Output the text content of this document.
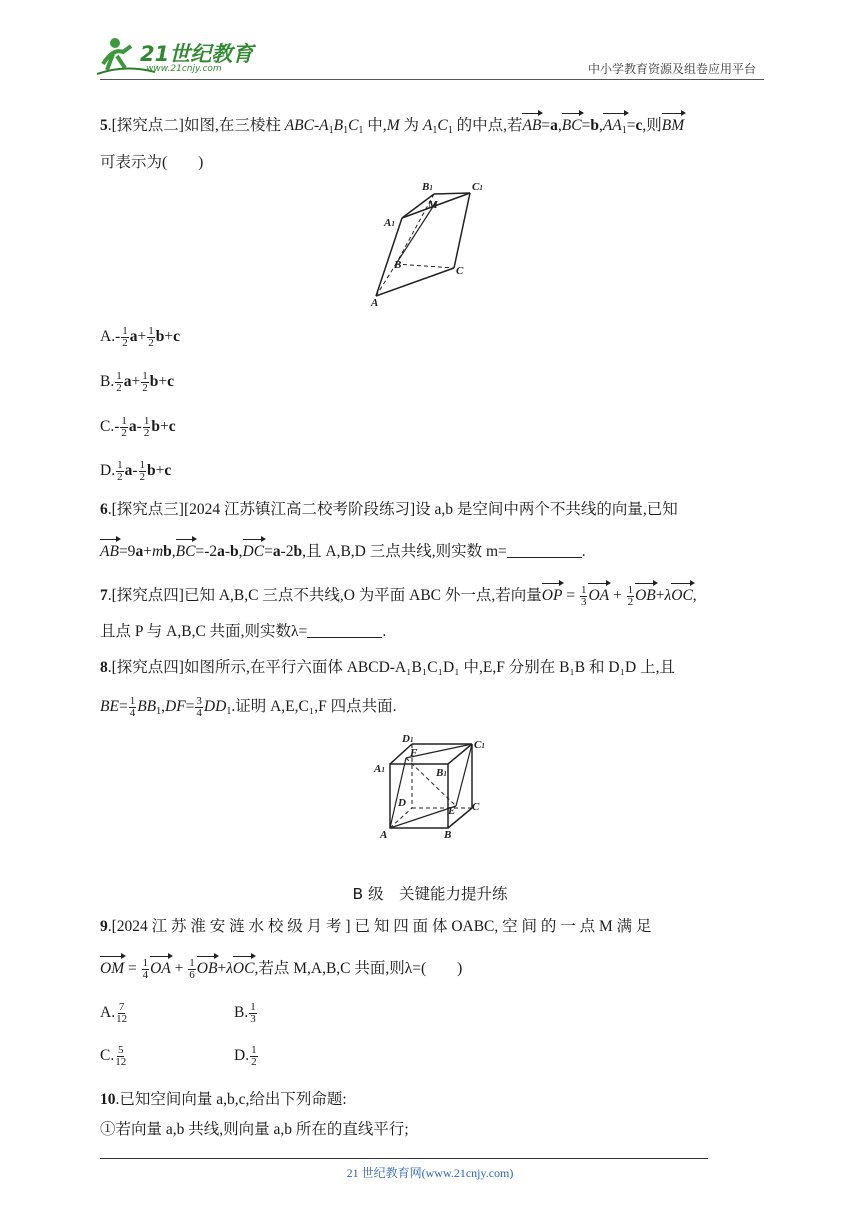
21世纪教育
www.21cnjy.com	中小学教育资源及组卷应用平台
5.[探究点二]如图,在三棱柱 ABC-$A_1B_1C_1$ 中,M 为 $A_1C_1$ 的中点,若$AB=a,BC=b,AA_1=c$,则BM
可表示为(　　)
B1	C1
A1
M
B	C
A
$A.- \frac{1}{2} a+ \frac{1}{2} b+c$
B. $\frac{1}{2} a+ \frac{1}{2} b+c$
$C.- \frac{1}{2} a- \frac{1}{2} b+c$
D. $\frac{1}{2} a- \frac{1}{2} b+c$
6.[探究点三][2024 江苏镇江高二校考阶段练习]设 a,b 是空间中两个不共线的向量,已知
AB=9a+mb,BC=-2a-b,DC=a-2b,且 A,B,D 三点共线,则实数 m=	.
7.[探究点四]已知 A,B,C 三点不共线,O 为平面 ABC 外一点,若向量OP = $\frac{1}{3}$ OA + $\frac{1}{2} OB+\lambda OC$,
且点 P 与 A,B,C 共面,则实数λ=	.
8.[探究点四]如图所示,在平行六面体 ABCD-A₁B₁C₁D₁ 中,E,F 分别在 B₁B 和 D₁D 上,且
$BE= \frac{1}{4} BB_1,DF= \frac{3}{4} DD_1$.证明 A,E,C₁,F 四点共面.
D1
F
C1
A1	B1
D
E C
A	B
B 级　关键能力提升练
9.[2024 江 苏 淮 安 涟 水 校 级 月 考 ] 已 知 四 面 体 OABC, 空 间 的 一 点 M 满 足
OM = $\frac{1}{4}$ OA + $\frac{1}{6} OB+\lambda OC$,若点 M,A,B,C 共面,则λ=(　　)
A. $\frac{7}{12}$	B. $\frac{1}{3}$
C. $\frac{5}{12}$	D. $\frac{1}{2}$
10.已知空间向量 a,b,c,给出下列命题:
①若向量 a,b 共线,则向量 a,b 所在的直线平行;
21 世纪教育网(www.21cnjy.com)
